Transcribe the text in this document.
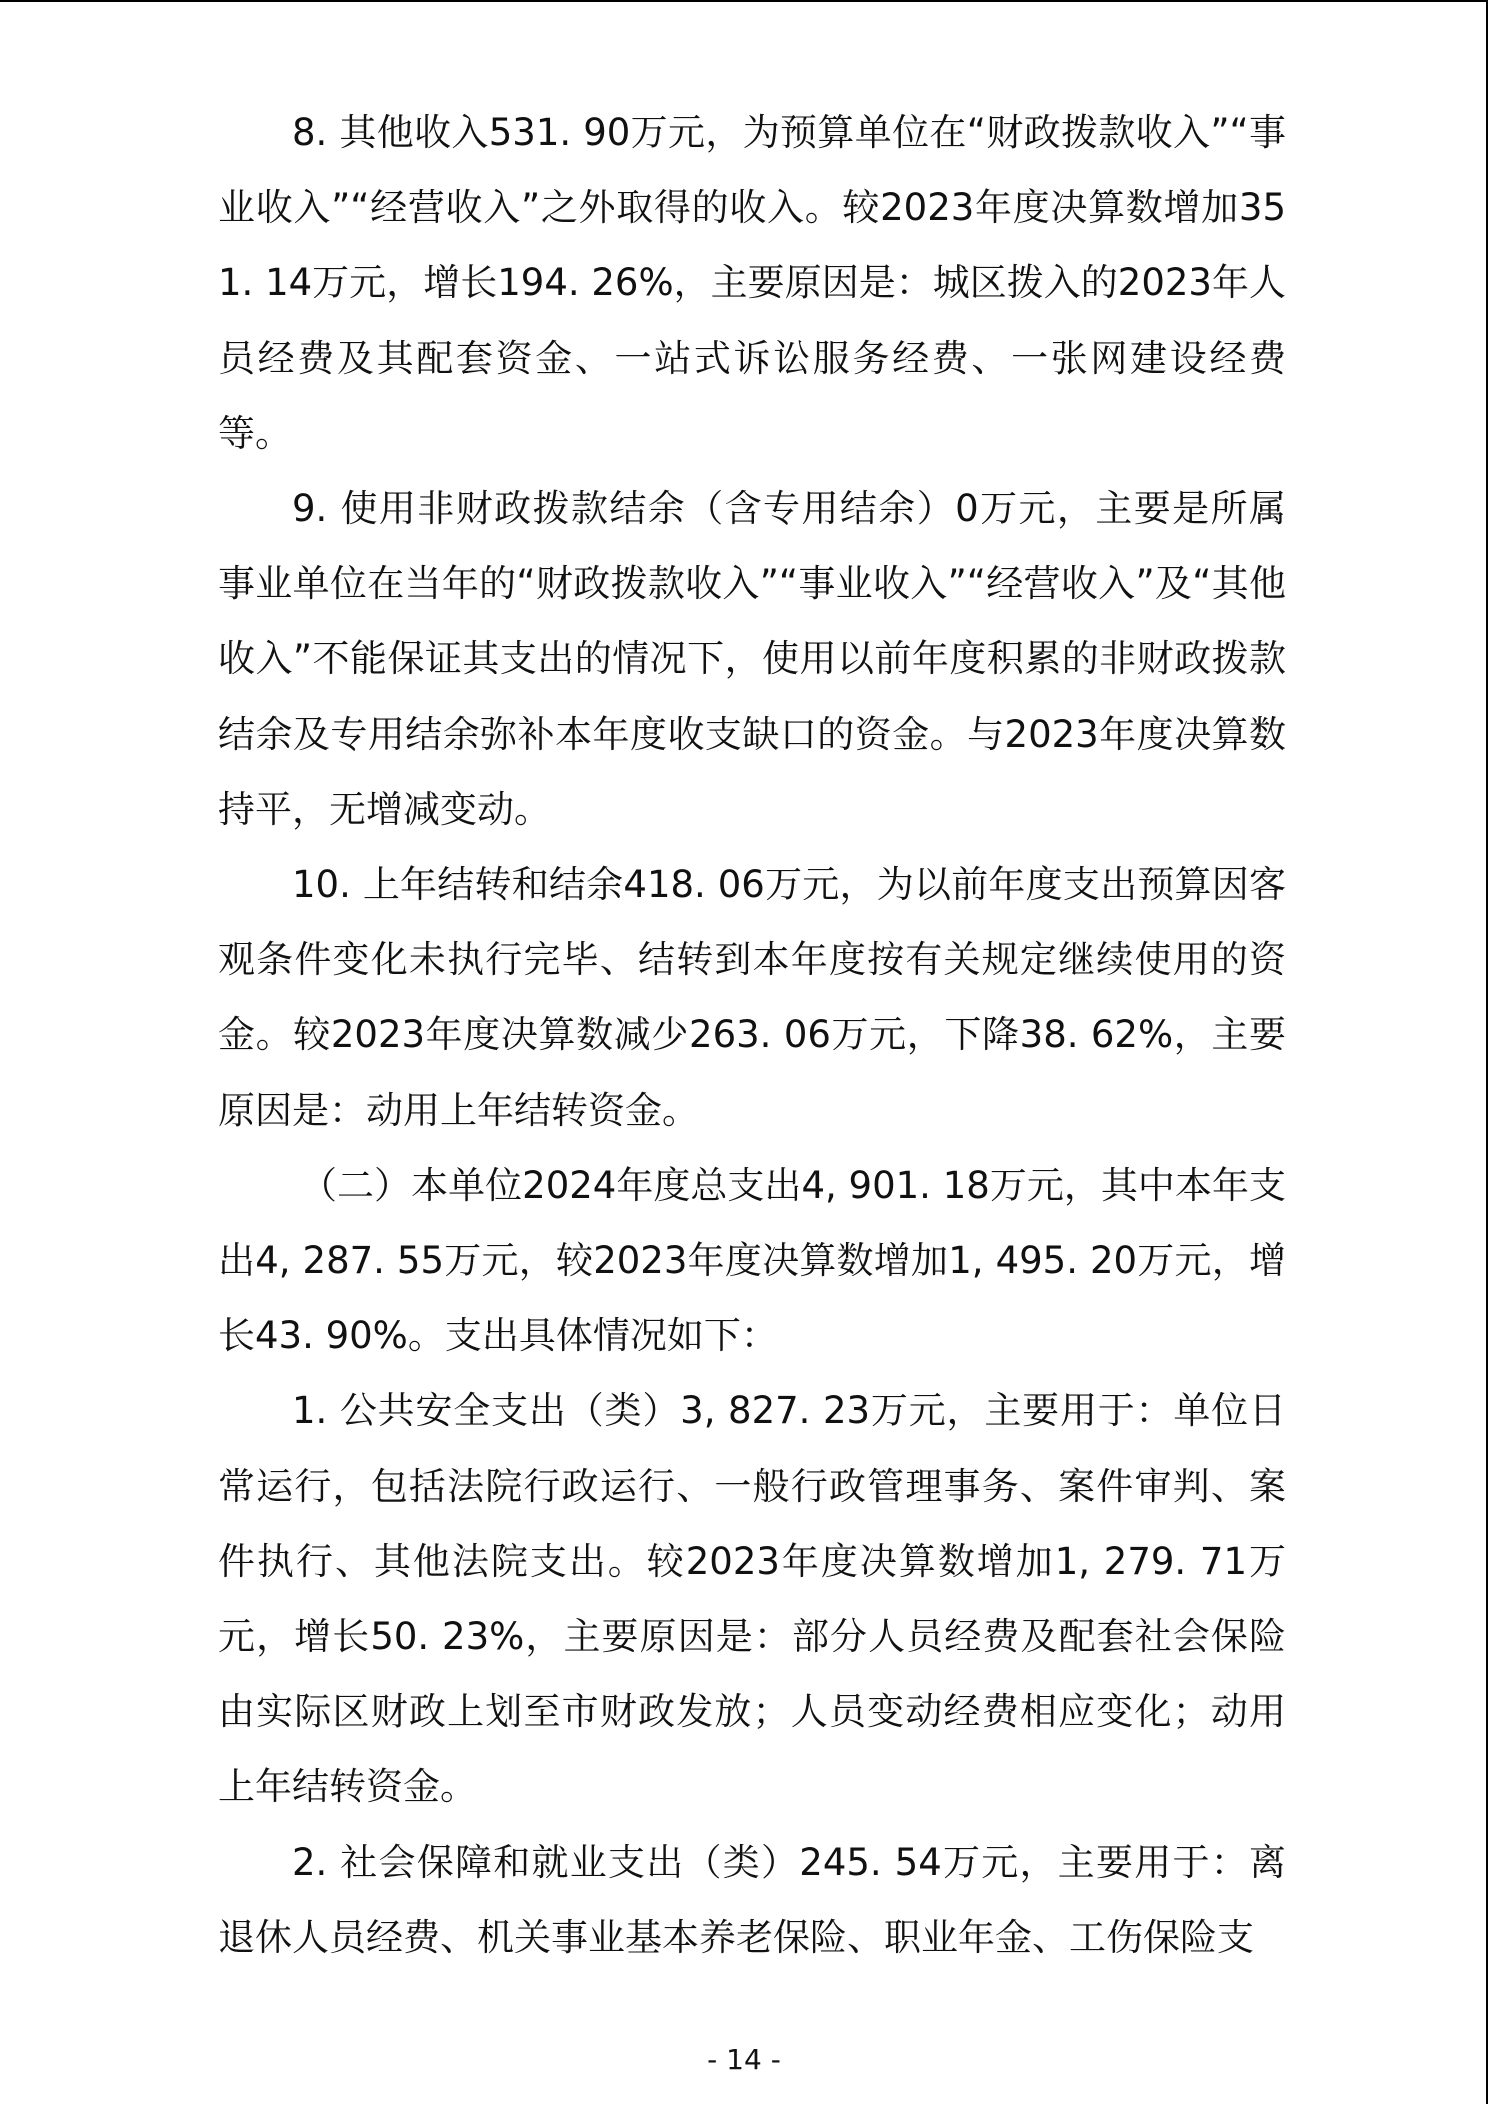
8. 其他收入531. 90万元，为预算单位在“财政拨款收入”“事业收入”“经营收入”之外取得的收入。较2023年度决算数增加351. 14万元，增长194. 26%，主要原因是：城区拨入的2023年人员经费及其配套资金、一站式诉讼服务经费、一张网建设经费等。

9. 使用非财政拨款结余（含专用结余）0万元，主要是所属事业单位在当年的“财政拨款收入”“事业收入”“经营收入”及“其他收入”不能保证其支出的情况下，使用以前年度积累的非财政拨款结余及专用结余弥补本年度收支缺口的资金。与2023年度决算数持平，无增减变动。

10. 上年结转和结余418. 06万元，为以前年度支出预算因客观条件变化未执行完毕、结转到本年度按有关规定继续使用的资金。较2023年度决算数减少263. 06万元，下降38. 62%，主要原因是：动用上年结转资金。

（二）本单位2024年度总支出4, 901. 18万元，其中本年支出4, 287. 55万元，较2023年度决算数增加1, 495. 20万元，增长43. 90%。支出具体情况如下：

1. 公共安全支出（类）3, 827. 23万元，主要用于：单位日常运行，包括法院行政运行、一般行政管理事务、案件审判、案件执行、其他法院支出。较2023年度决算数增加1, 279. 71万元，增长50. 23%，主要原因是：部分人员经费及配套社会保险由实际区财政上划至市财政发放；人员变动经费相应变化；动用上年结转资金。

2. 社会保障和就业支出（类）245. 54万元，主要用于：离退休人员经费、机关事业基本养老保险、职业年金、工伤保险支

- 14 -
